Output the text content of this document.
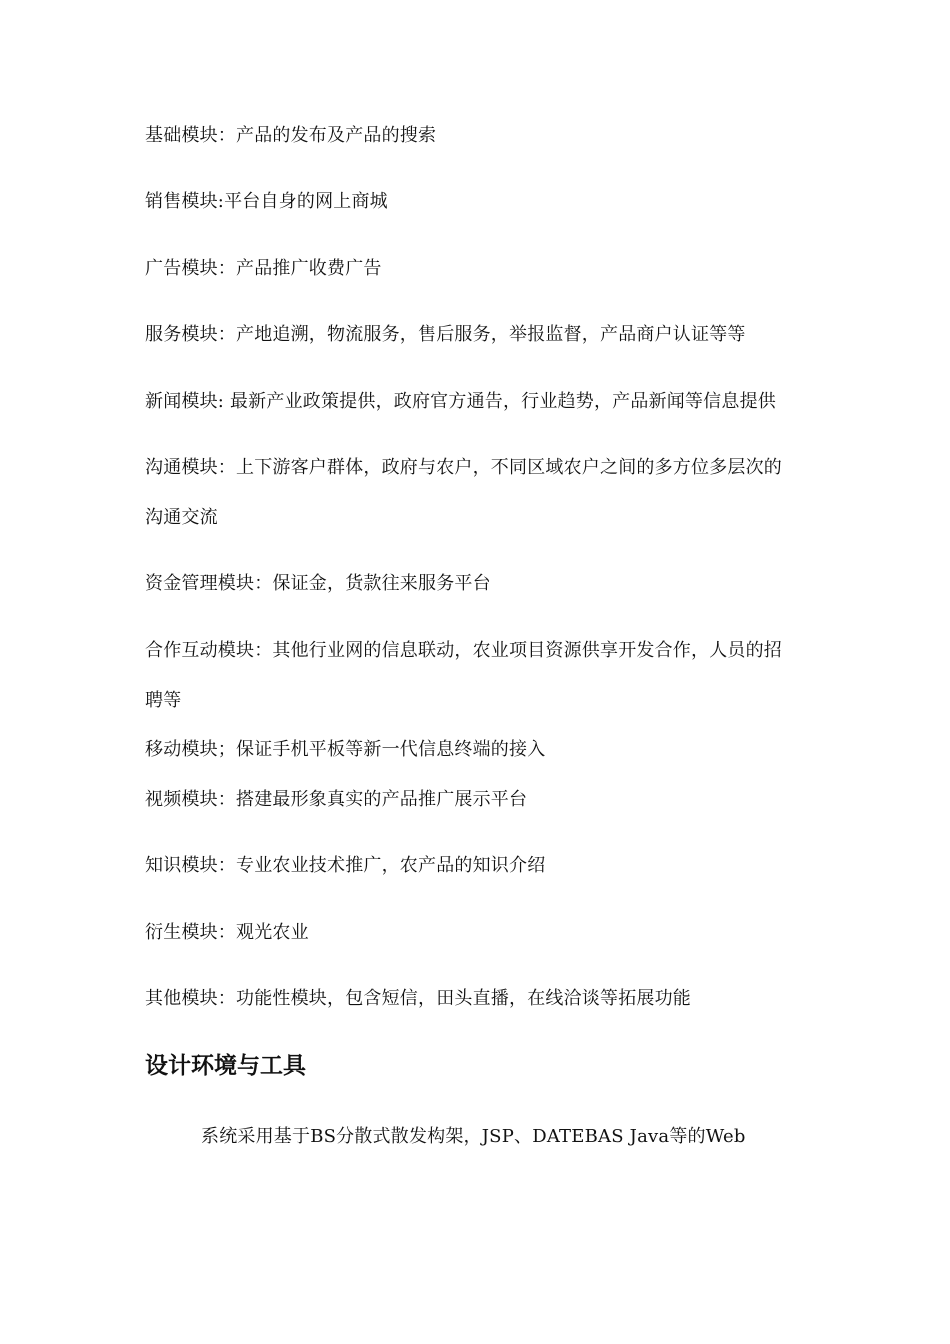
基础模块：产品的发布及产品的搜索
销售模块:平台自身的网上商城
广告模块：产品推广收费广告
服务模块：产地追溯，物流服务，售后服务，举报监督，产品商户认证等等
新闻模块: 最新产业政策提供，政府官方通告，行业趋势，产品新闻等信息提供
沟通模块：上下游客户群体，政府与农户，不同区域农户之间的多方位多层次的
沟通交流
资金管理模块：保证金，货款往来服务平台
合作互动模块：其他行业网的信息联动，农业项目资源供享开发合作，人员的招
聘等
移动模块；保证手机平板等新一代信息终端的接入
视频模块：搭建最形象真实的产品推广展示平台
知识模块：专业农业技术推广，农产品的知识介绍
衍生模块：观光农业
其他模块：功能性模块，包含短信，田头直播，在线洽谈等拓展功能
设计环境与工具
系统采用基于BS分散式散发构架，JSP、DATEBAS Java等的Web
